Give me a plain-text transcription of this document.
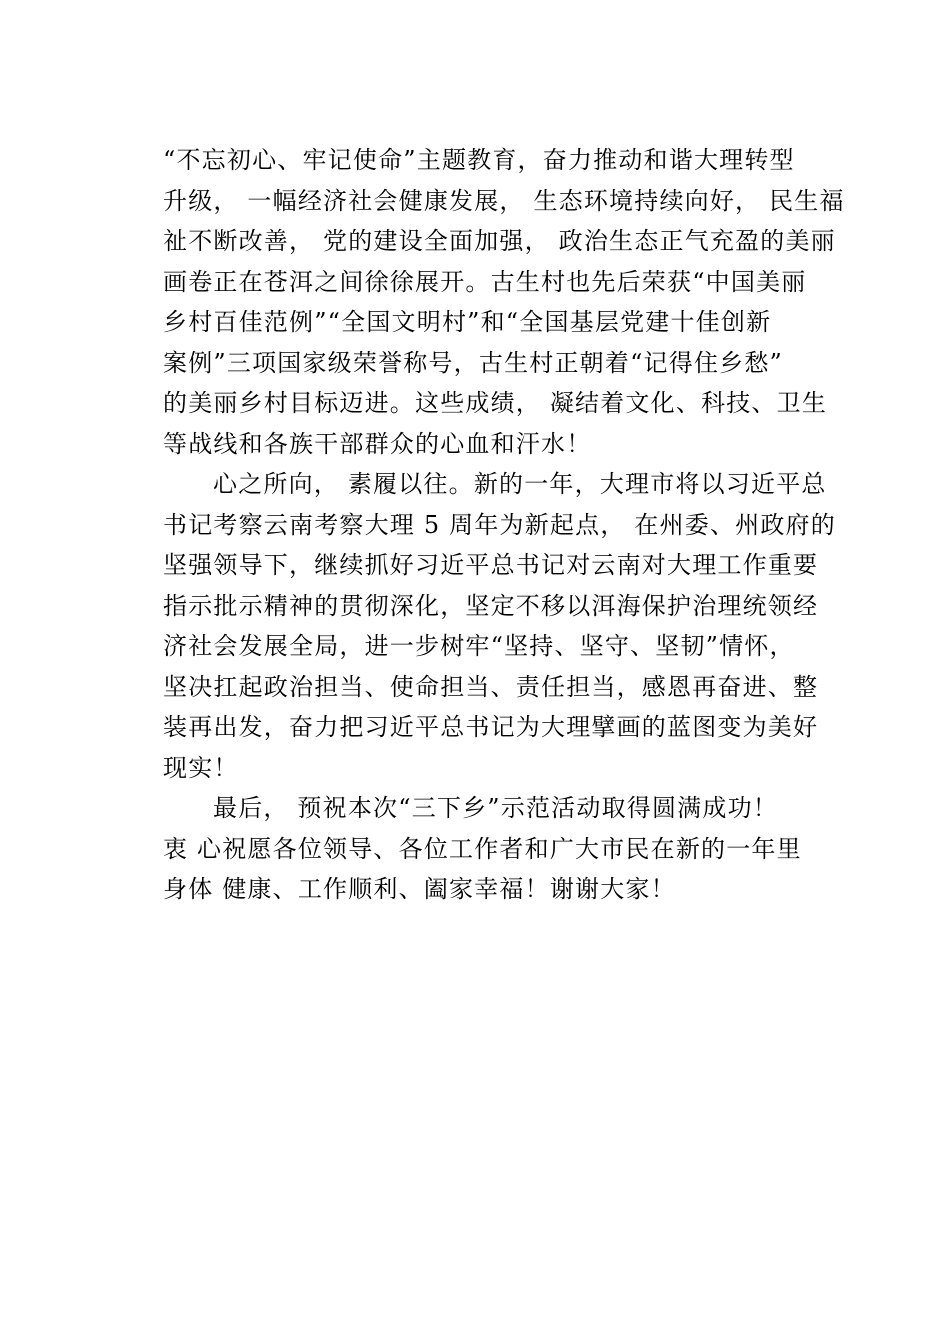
“不忘初心、牢记使命”主题教育，奋力推动和谐大理转型
升级， 一幅经济社会健康发展， 生态环境持续向好， 民生福
祉不断改善， 党的建设全面加强， 政治生态正气充盈的美丽
画卷正在苍洱之间徐徐展开。古生村也先后荣获“中国美丽
乡村百佳范例”“全国文明村”和“全国基层党建十佳创新
案例”三项国家级荣誉称号，古生村正朝着“记得住乡愁”
的美丽乡村目标迈进。这些成绩， 凝结着文化、科技、卫生
等战线和各族干部群众的心血和汗水！
心之所向， 素履以往。新的一年，大理市将以习近平总
书记考察云南考察大理 5 周年为新起点， 在州委、州政府的
坚强领导下，继续抓好习近平总书记对云南对大理工作重要
指示批示精神的贯彻深化，坚定不移以洱海保护治理统领经
济社会发展全局，进一步树牢“坚持、坚守、坚韧”情怀，
坚决扛起政治担当、使命担当、责任担当，感恩再奋进、整
装再出发，奋力把习近平总书记为大理擘画的蓝图变为美好
现实！
最后， 预祝本次“三下乡”示范活动取得圆满成功！
衷 心祝愿各位领导、各位工作者和广大市民在新的一年里
身体 健康、工作顺利、阖家幸福！谢谢大家！
